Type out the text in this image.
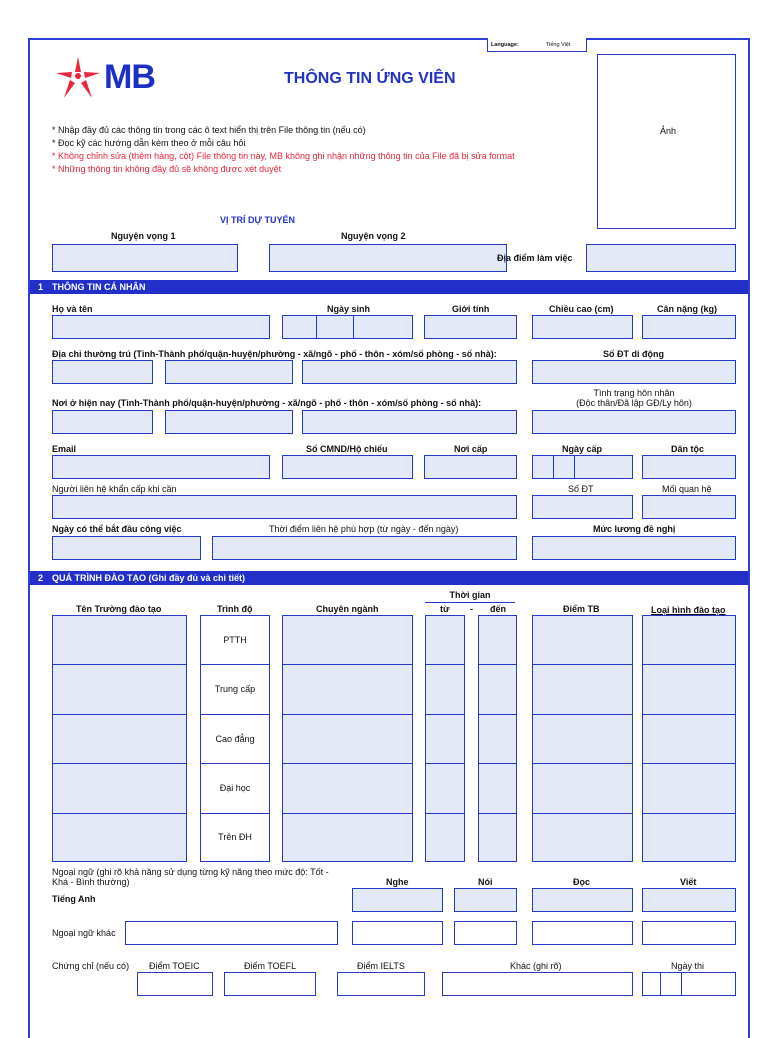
Language:	Tiếng Việt
MB	THÔNG TIN ỨNG VIÊN
Ảnh
* Nhập đầy đủ các thông tin trong các ô text hiển thị trên File thông tin (nếu có)
* Đọc kỹ các hướng dẫn kèm theo ở mỗi câu hỏi
* Không chỉnh sửa (thêm hàng, cột) File thông tin này, MB không ghi nhận những thông tin của File đã bị sửa format
* Những thông tin không đầy đủ sẽ không được xét duyệt
VỊ TRÍ DỰ TUYỂN
Nguyện vọng 1	Nguyện vọng 2
Địa điểm làm việc
1 THÔNG TIN CÁ NHÂN
Họ và tên	Ngày sinh	Giới tính	Chiều cao (cm)	Cân nặng (kg)
Địa chỉ thường trú (Tỉnh-Thành phố/quận-huyện/phường - xã/ngõ - phố - thôn - xóm/số phòng - số nhà):	Số ĐT di động
Nơi ở hiện nay (Tỉnh-Thành phố/quận-huyện/phường - xã/ngõ - phố - thôn - xóm/số phòng - số nhà):
Tình trạng hôn nhân
(Độc thân/Đã lập GĐ/Ly hôn)
Email	Số CMND/Hộ chiếu	Nơi cấp	Ngày cấp	Dân tộc
Người liên hệ khẩn cấp khi cần	Số ĐT	Mối quan hệ
Ngày có thể bắt đầu công việc	Thời điểm liên hệ phù hợp (từ ngày - đến ngày)	Mức lương đề nghị
2 QUÁ TRÌNH ĐÀO TẠO (Ghi đầy đủ và chi tiết)
Thời gian
Tên Trường đào tạo	Trình độ	Chuyên ngành	từ - đến	Điểm TB	Loại hình đào tạo
PTTH
Trung cấp
Cao đẳng
Đại học
Trên ĐH
Ngoại ngữ (ghi rõ khả năng sử dụng từng kỹ năng theo mức độ: Tốt -
Khá - Bình thường)	Nghe	Nói	Đọc	Viết
Tiếng Anh
Ngoại ngữ khác
Chứng chỉ (nếu có) Điểm TOEIC	Điểm TOEFL	Điểm IELTS	Khác (ghi rõ)	Ngày thi
